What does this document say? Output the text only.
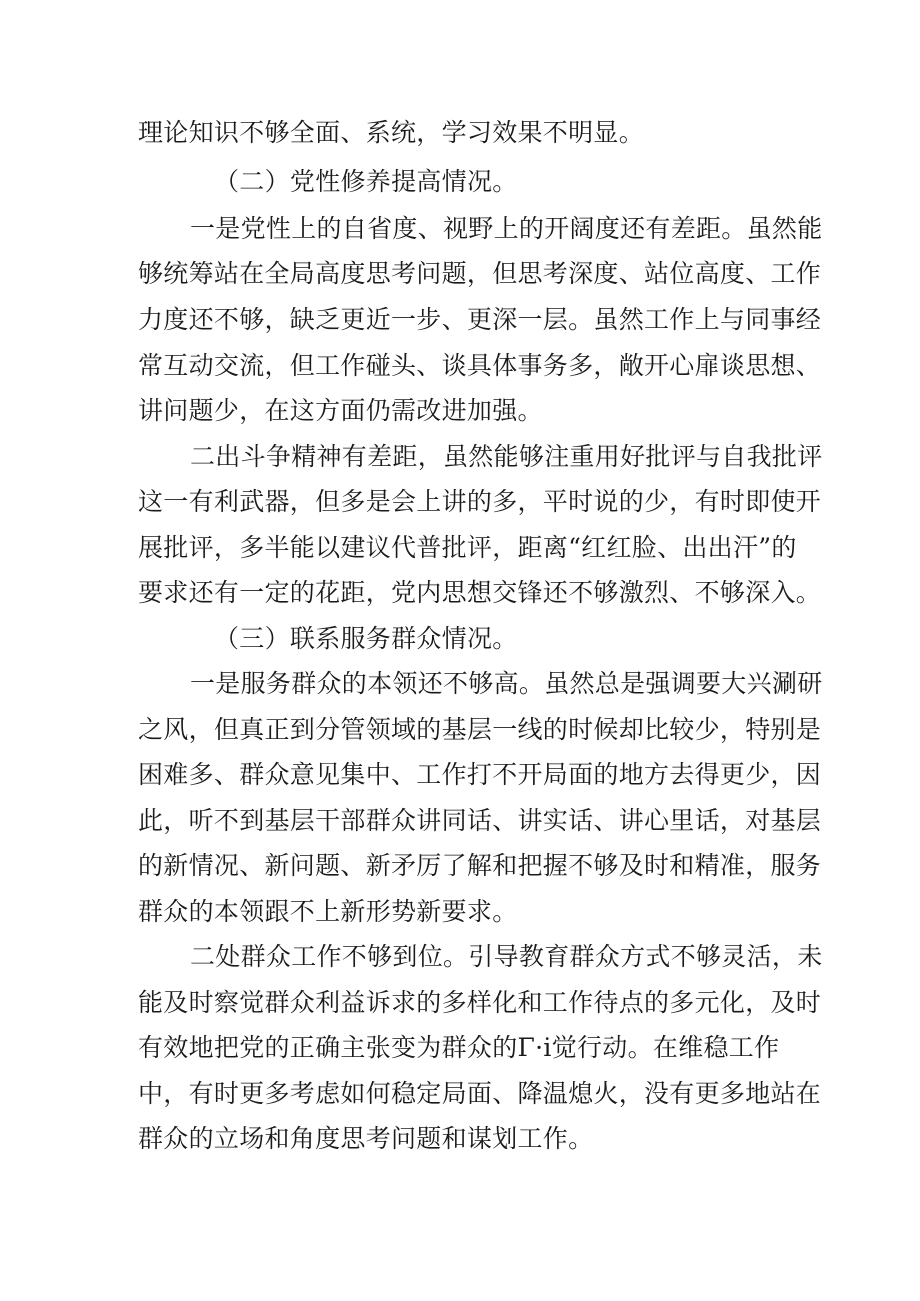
理论知识不够全面、系统，学习效果不明显。
（二）党性修养提高情况。
一是党性上的自省度、视野上的开阔度还有差距。虽然能
够统筹站在全局高度思考问题，但思考深度、站位高度、工作
力度还不够，缺乏更近一步、更深一层。虽然工作上与同事经
常互动交流，但工作碰头、谈具体事务多，敞开心扉谈思想、
讲问题少，在这方面仍需改进加强。
二出斗争精神有差距，虽然能够注重用好批评与自我批评
这一有利武器，但多是会上讲的多，平时说的少，有时即使开
展批评，多半能以建议代普批评，距离“红红脸、出出汗”的
要求还有一定的花距，党内思想交锋还不够激烈、不够深入。
（三）联系服务群众情况。
一是服务群众的本领还不够高。虽然总是强调要大兴涮研
之风，但真正到分管领域的基层一线的时候却比较少，特别是
困难多、群众意见集中、工作打不开局面的地方去得更少，因
此，听不到基层干部群众讲同话、讲实话、讲心里话，对基层
的新情况、新问题、新矛厉了解和把握不够及时和精准，服务
群众的本领跟不上新形势新要求。
二处群众工作不够到位。引导教育群众方式不够灵活，未
能及时察觉群众利益诉求的多样化和工作待点的多元化，及时
有效地把党的正确主张变为群众的Γ·i觉行动。在维稳工作
中，有时更多考虑如何稳定局面、降温熄火，没有更多地站在
群众的立场和角度思考问题和谋划工作。
